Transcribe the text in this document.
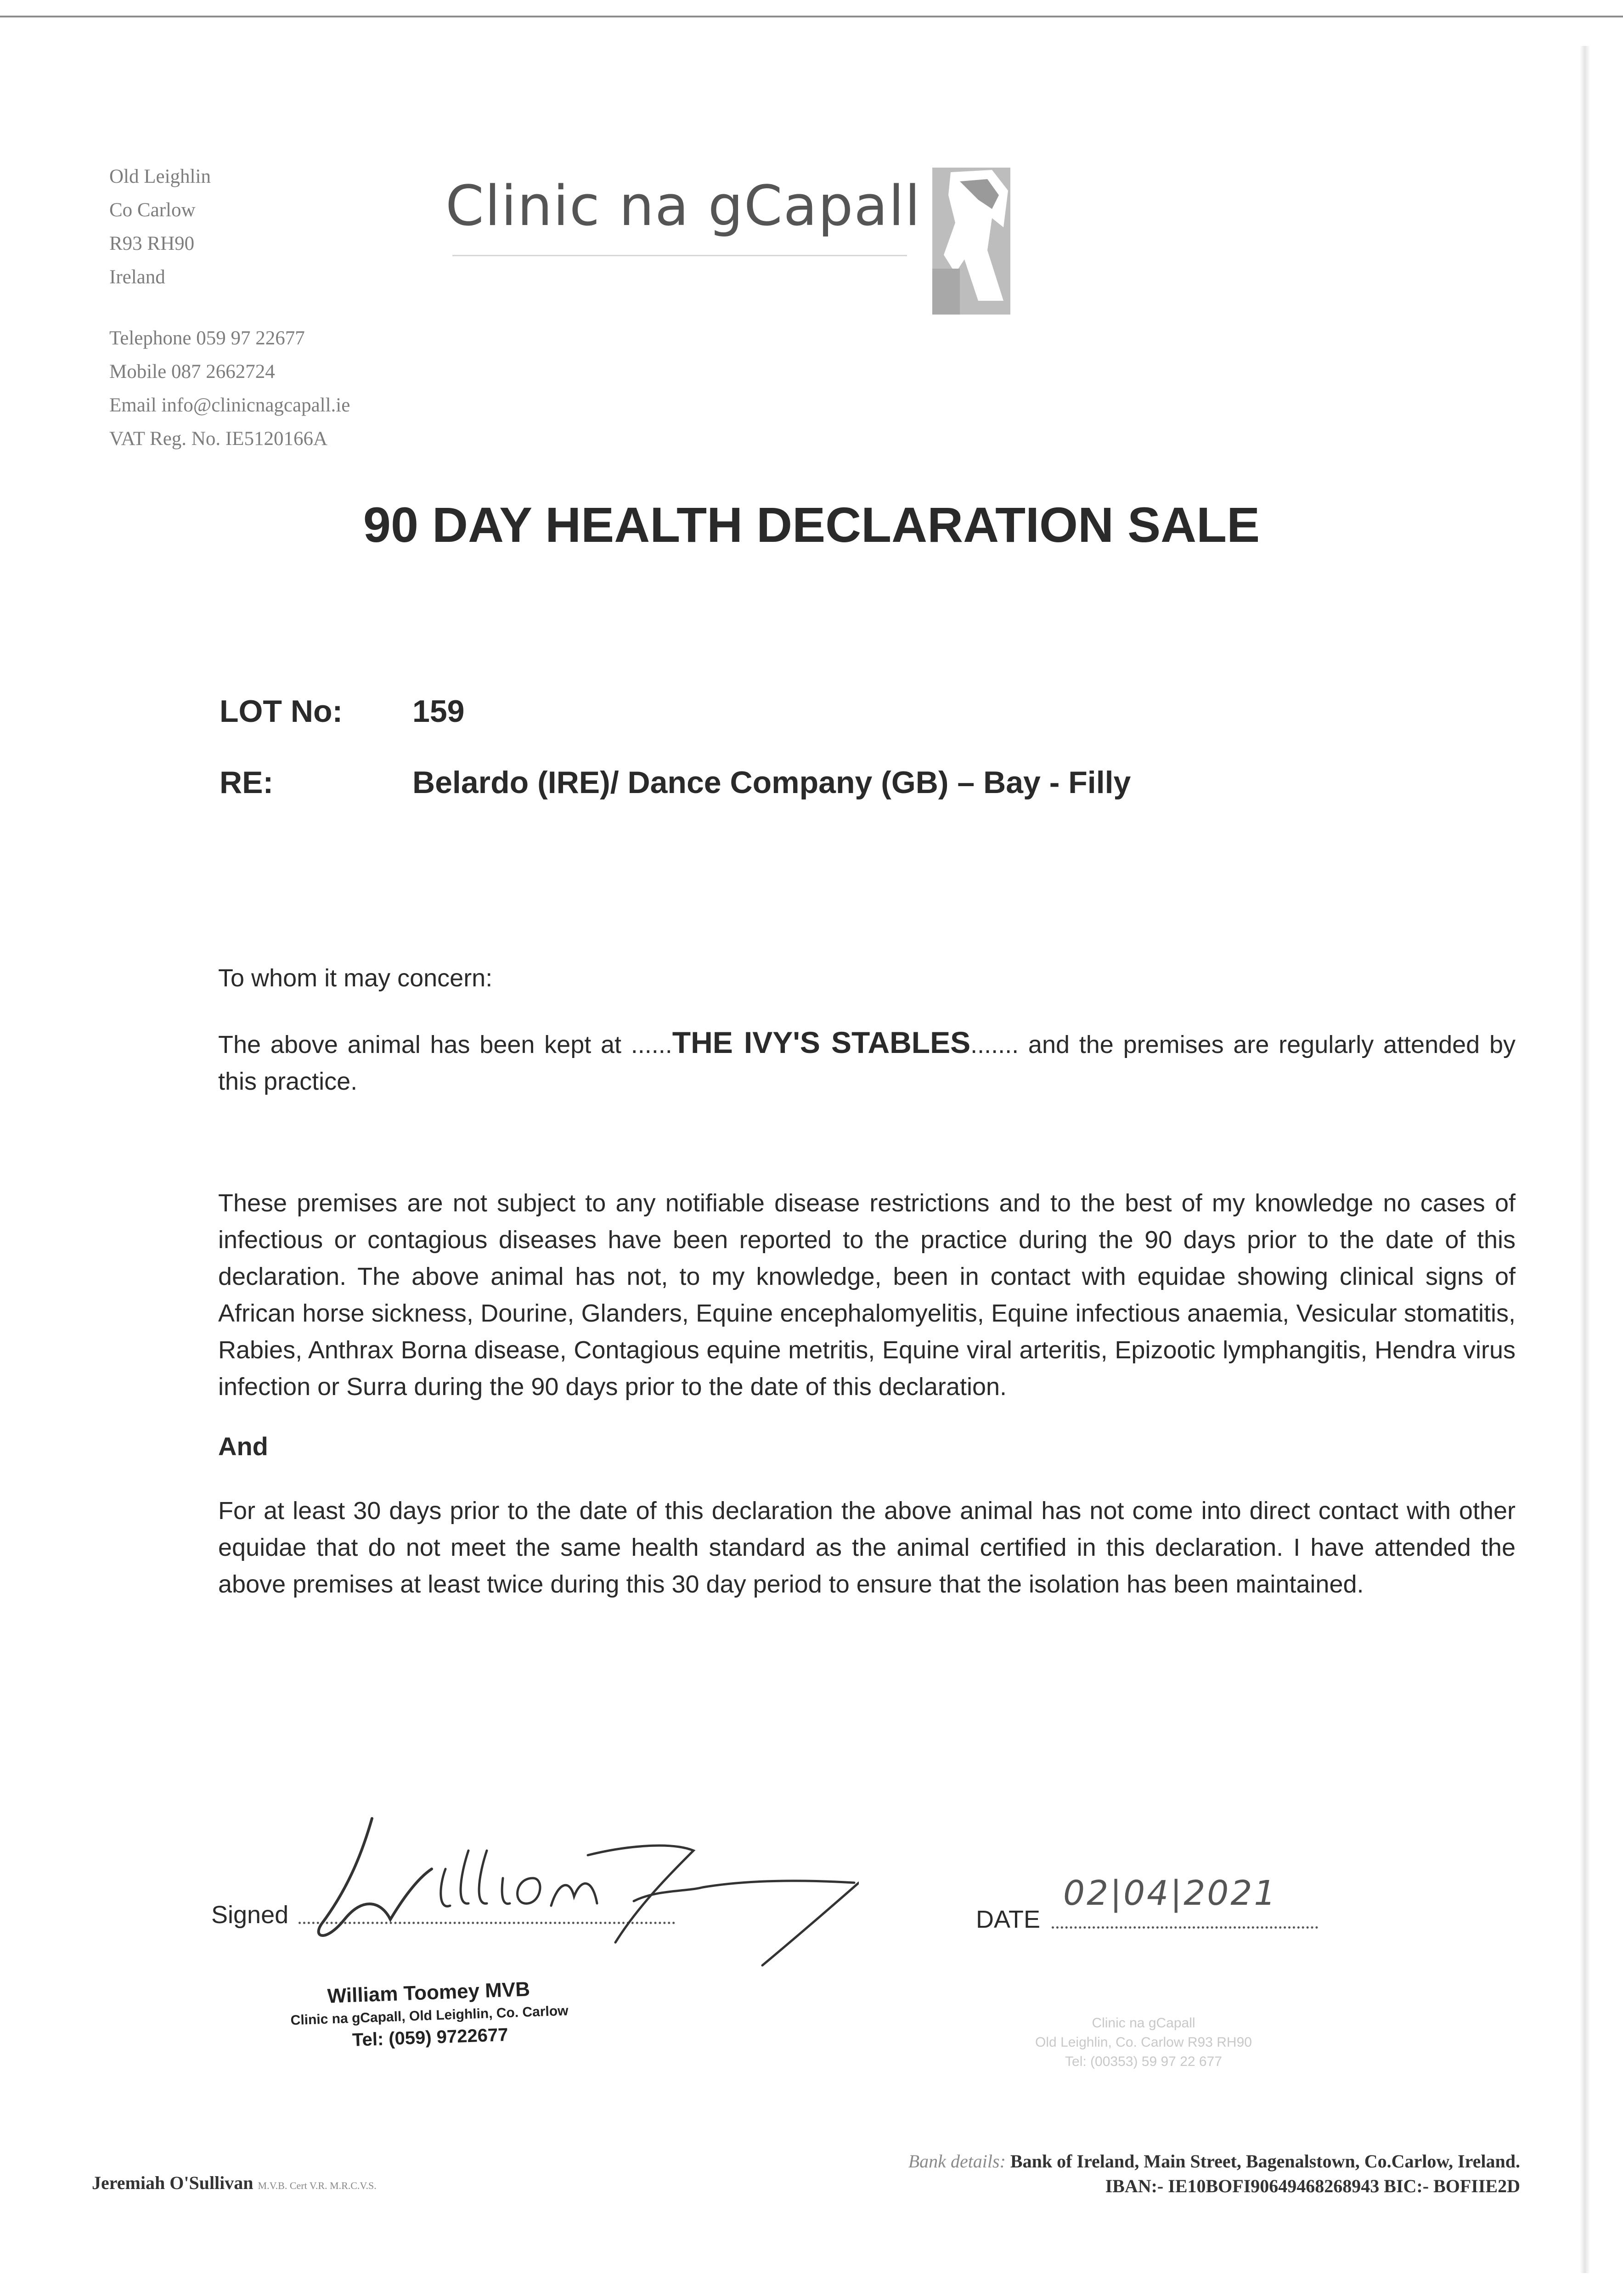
Old Leighlin
Co Carlow
R93 RH90
Ireland
Telephone 059 97 22677
Mobile 087 2662724
Email info@clinicnagcapall.ie
VAT Reg. No. IE5120166A
Clinic na gCapall
90 DAY HEALTH DECLARATION SALE
LOT No: 159
RE:	Belardo (IRE)/ Dance Company (GB) – Bay - Filly
To whom it may concern:
The above animal has been kept at ......THE IVY'S STABLES....... and the premises are regularly attended by this practice.
These premises are not subject to any notifiable disease restrictions and to the best of my knowledge no cases of infectious or contagious diseases have been reported to the practice during the 90 days prior to the date of this declaration. The above animal has not, to my knowledge, been in contact with equidae showing clinical signs of African horse sickness, Dourine, Glanders, Equine encephalomyelitis, Equine infectious anaemia, Vesicular stomatitis, Rabies, Anthrax Borna disease, Contagious equine metritis, Equine viral arteritis, Epizootic lymphangitis, Hendra virus infection or Surra during the 90 days prior to the date of this declaration.
And
For at least 30 days prior to the date of this declaration the above animal has not come into direct contact with other equidae that do not meet the same health standard as the animal certified in this declaration. I have attended the above premises at least twice during this 30 day period to ensure that the isolation has been maintained.
Signed	DATE
02|04|2021
William Toomey MVB
Clinic na gCapall, Old Leighlin, Co. Carlow
Tel: (059) 9722677
Clinic na gCapall
Old Leighlin, Co. Carlow R93 RH90
Tel: (00353) 59 97 22 677
Jeremiah O'Sullivan M.V.B. Cert V.R. M.R.C.V.S.
Bank details: Bank of Ireland, Main Street, Bagenalstown, Co.Carlow, Ireland.
IBAN:- IE10BOFI90649468268943 BIC:- BOFIIE2D
